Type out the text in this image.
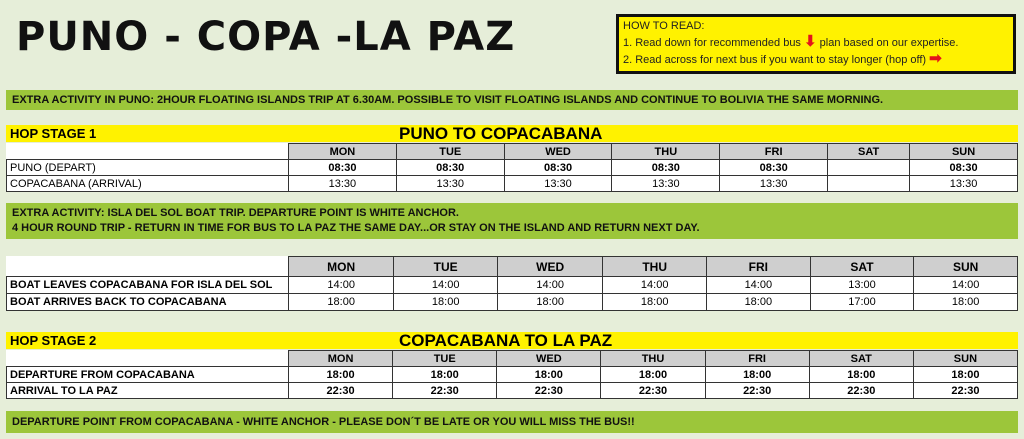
PUNO - COPA -LA PAZ	HOW TO READ:
1. Read down for recommended bus ⬇ plan based on our expertise.
2. Read across for next bus if you want to stay longer (hop off) ➡
EXTRA ACTIVITY IN PUNO: 2HOUR FLOATING ISLANDS TRIP AT 6.30AM. POSSIBLE TO VISIT FLOATING ISLANDS AND CONTINUE TO BOLIVIA THE SAME MORNING.
HOP STAGE 1	PUNO TO COPACABANA
	MON	TUE	WED	THU	FRI	SAT	SUN
PUNO (DEPART)	08:30	08:30	08:30	08:30	08:30		08:30
COPACABANA (ARRIVAL)	13:30	13:30	13:30	13:30	13:30		13:30
EXTRA ACTIVITY: ISLA DEL SOL BOAT TRIP. DEPARTURE POINT IS WHITE ANCHOR.
4 HOUR ROUND TRIP - RETURN IN TIME FOR BUS TO LA PAZ THE SAME DAY...OR STAY ON THE ISLAND AND RETURN NEXT DAY.
	MON	TUE	WED	THU	FRI	SAT	SUN
BOAT LEAVES COPACABANA FOR ISLA DEL SOL	14:00	14:00	14:00	14:00	14:00	13:00	14:00
BOAT ARRIVES BACK TO COPACABANA	18:00	18:00	18:00	18:00	18:00	17:00	18:00
HOP STAGE 2	COPACABANA TO LA PAZ
	MON	TUE	WED	THU	FRI	SAT	SUN
DEPARTURE FROM COPACABANA	18:00	18:00	18:00	18:00	18:00	18:00	18:00
ARRIVAL TO LA PAZ	22:30	22:30	22:30	22:30	22:30	22:30	22:30
DEPARTURE POINT FROM COPACABANA - WHITE ANCHOR - PLEASE DON´T BE LATE OR YOU WILL MISS THE BUS!!
